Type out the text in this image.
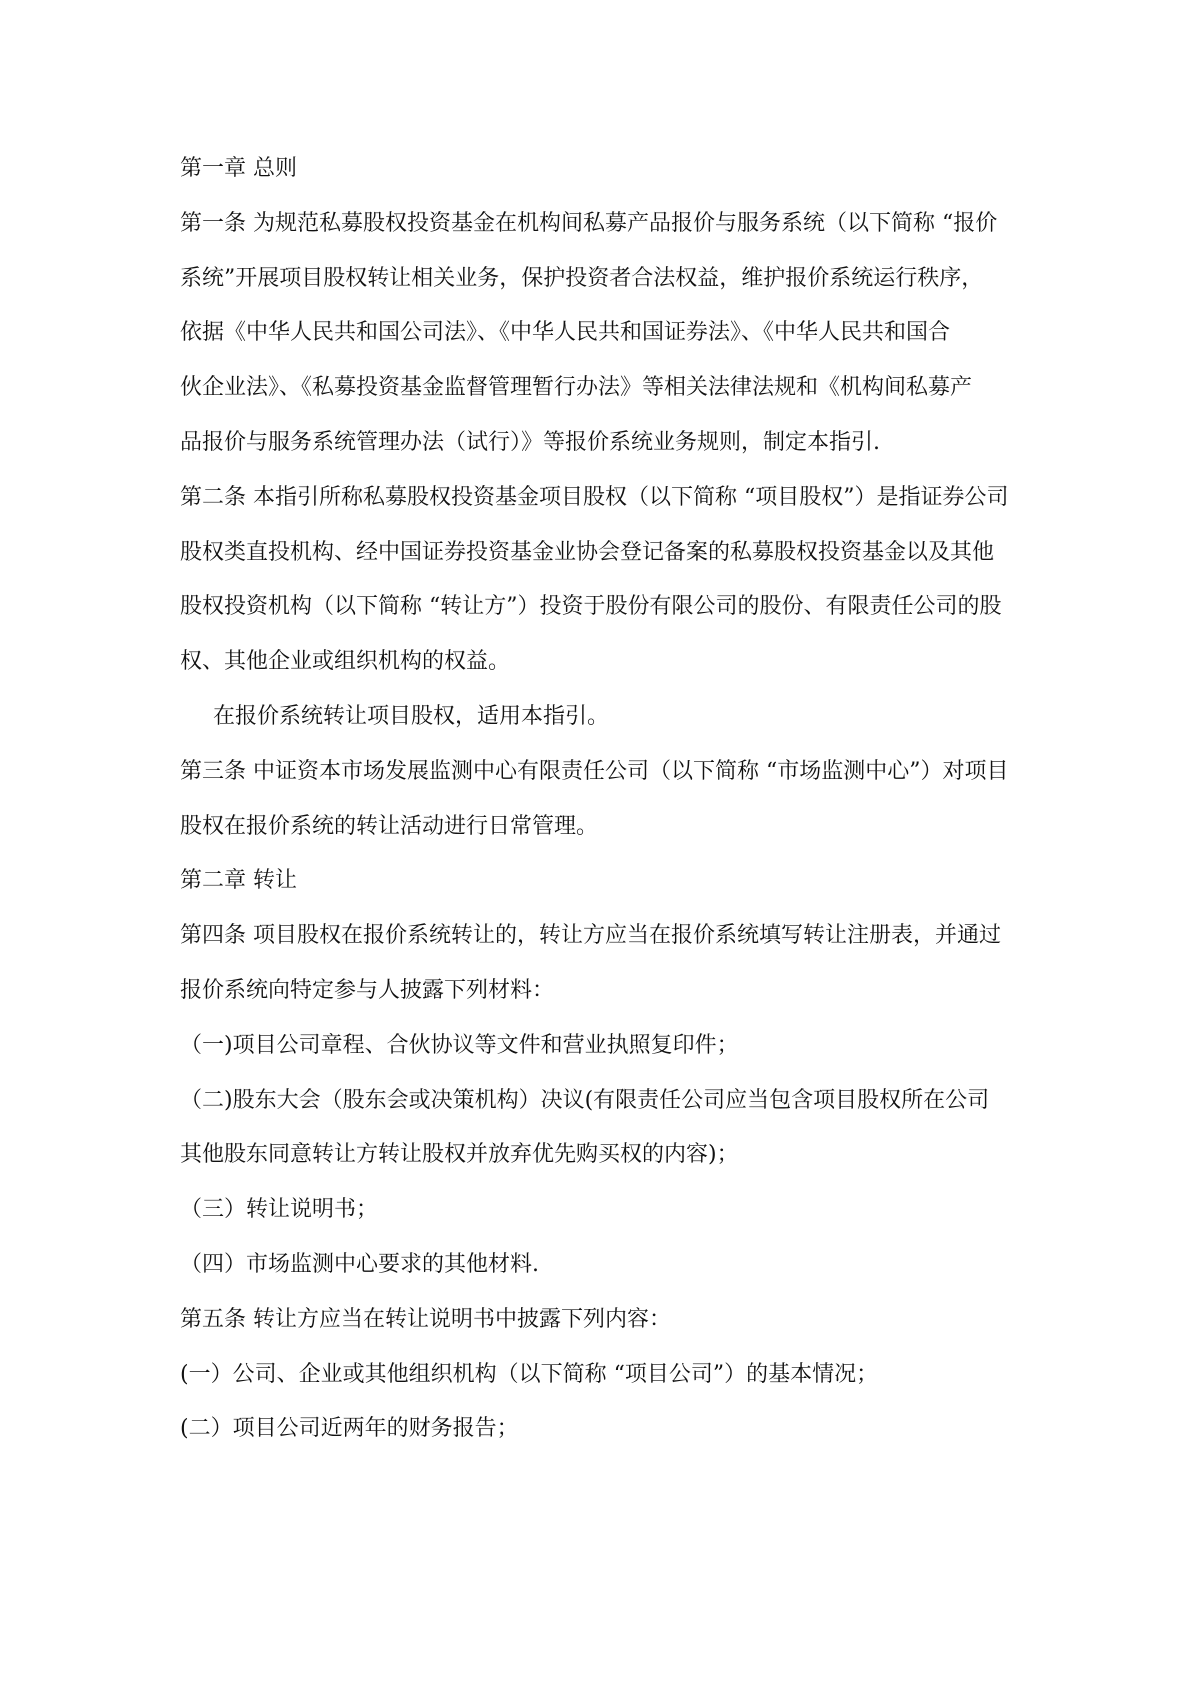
第一章 总则
第一条 为规范私募股权投资基金在机构间私募产品报价与服务系统（以下简称 “报价
系统”开展项目股权转让相关业务，保护投资者合法权益，维护报价系统运行秩序，
依据《中华人民共和国公司法》、《中华人民共和国证券法》、《中华人民共和国合
伙企业法》、《私募投资基金监督管理暂行办法》等相关法律法规和《机构间私募产
品报价与服务系统管理办法（试行）》等报价系统业务规则，制定本指引.
第二条 本指引所称私募股权投资基金项目股权（以下简称 “项目股权”）是指证券公司
股权类直投机构、经中国证券投资基金业协会登记备案的私募股权投资基金以及其他
股权投资机构（以下简称 “转让方”）投资于股份有限公司的股份、有限责任公司的股
权、其他企业或组织机构的权益。
在报价系统转让项目股权，适用本指引。
第三条 中证资本市场发展监测中心有限责任公司（以下简称 “市场监测中心”）对项目
股权在报价系统的转让活动进行日常管理。
第二章 转让
第四条 项目股权在报价系统转让的，转让方应当在报价系统填写转让注册表，并通过
报价系统向特定参与人披露下列材料：
（一)项目公司章程、合伙协议等文件和营业执照复印件；
（二)股东大会（股东会或决策机构）决议(有限责任公司应当包含项目股权所在公司
其他股东同意转让方转让股权并放弃优先购买权的内容)；
（三）转让说明书；
（四）市场监测中心要求的其他材料.
第五条 转让方应当在转让说明书中披露下列内容：
(一）公司、企业或其他组织机构（以下简称 “项目公司”）的基本情况；
(二）项目公司近两年的财务报告；
